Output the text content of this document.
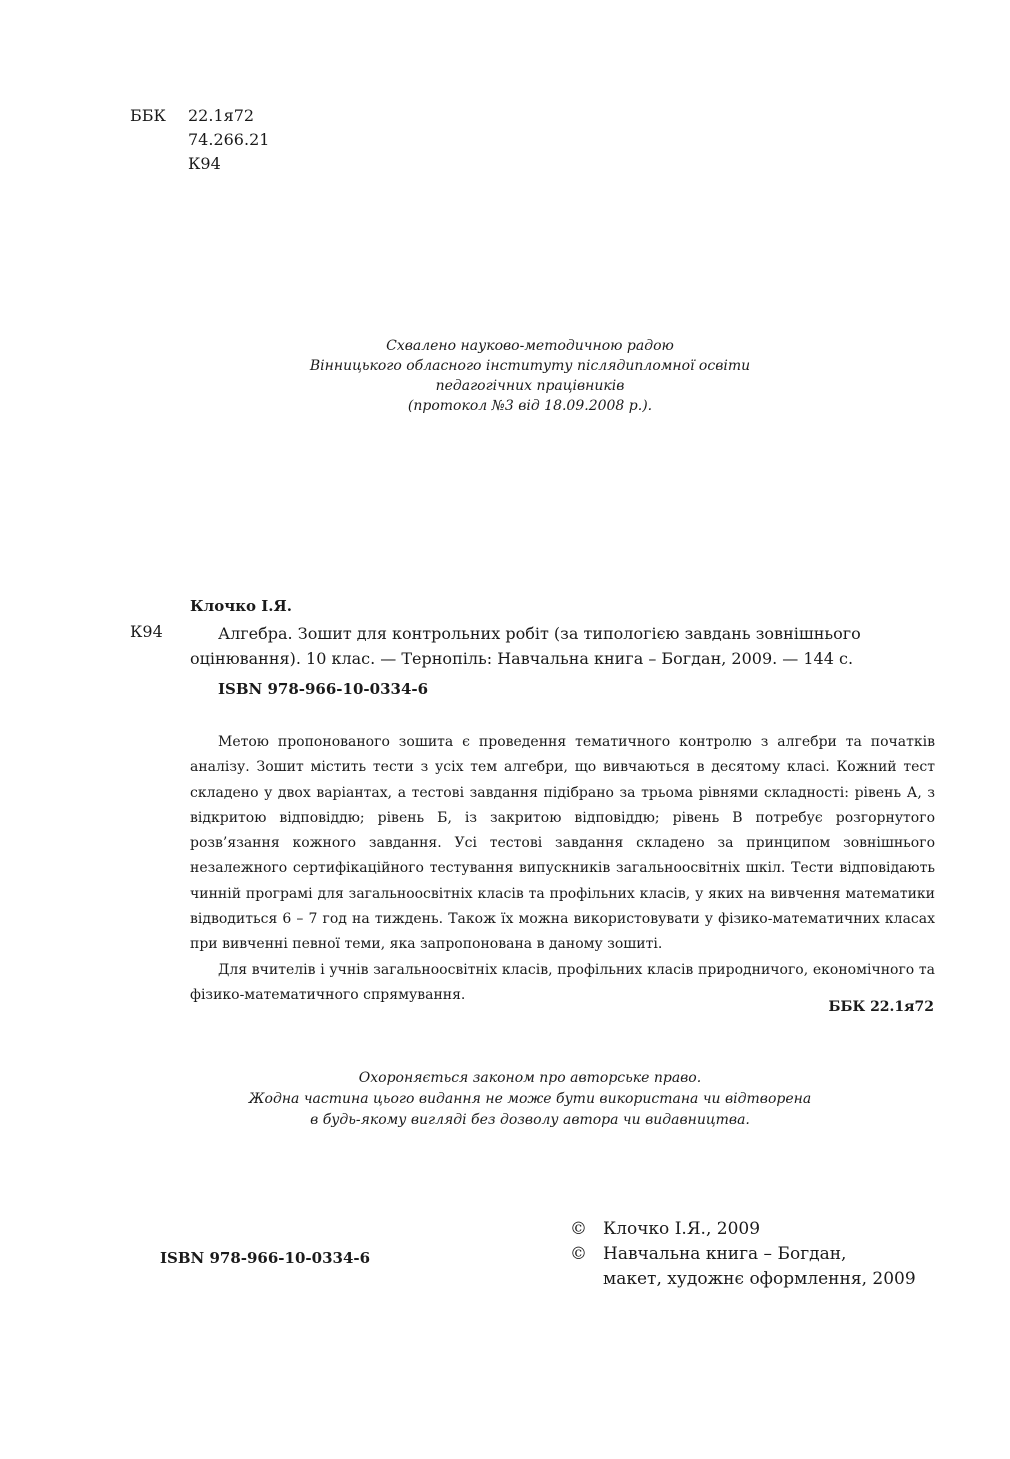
ББК 22.1я72
74.266.21
К94
Схвалено науково-методичною радою
Вінницького обласного інституту післядипломної освіти
педагогічних працівників
(протокол №3 від 18.09.2008 р.).
Клочко І.Я.
К94	Алгебра. Зошит для контрольних робіт (за типологією завдань зовнішнього оцінювання). 10 клас. — Тернопіль: Навчальна книга – Богдан, 2009. — 144 с.

ISBN 978-966-10-0334-6

Метою пропонованого зошита є проведення тематичного контролю з алгебри та початків аналізу. Зошит містить тести з усіх тем алгебри, що вивчаються в десятому класі. Кожний тест складено у двох варіантах, а тестові завдання підібрано за трьома рівнями складності: рівень А, з відкритою відповіддю; рівень Б, із закритою відповіддю; рівень В потребує розгорнутого розв’язання кожного завдання. Усі тестові завдання складено за принципом зовнішнього незалежного сертифікаційного тестування випускників загальноосвітніх шкіл. Тести відповідають чинній програмі для загальноосвітніх класів та профільних класів, у яких на вивчення математики відводиться 6 – 7 год на тиждень. Також їх можна використовувати у фізико-математичних класах при вивченні певної теми, яка запропонована в даному зошиті.

Для вчителів і учнів загальноосвітніх класів, профільних класів природничого, економічного та фізико-математичного спрямування.

ББК 22.1я72
Охороняється законом про авторське право.
Жодна частина цього видання не може бути використана чи відтворена
в будь-якому вигляді без дозволу автора чи видавництва.
ISBN 978-966-10-0334-6
© Клочко І.Я., 2009
© Навчальна книга – Богдан,
макет, художнє оформлення, 2009
